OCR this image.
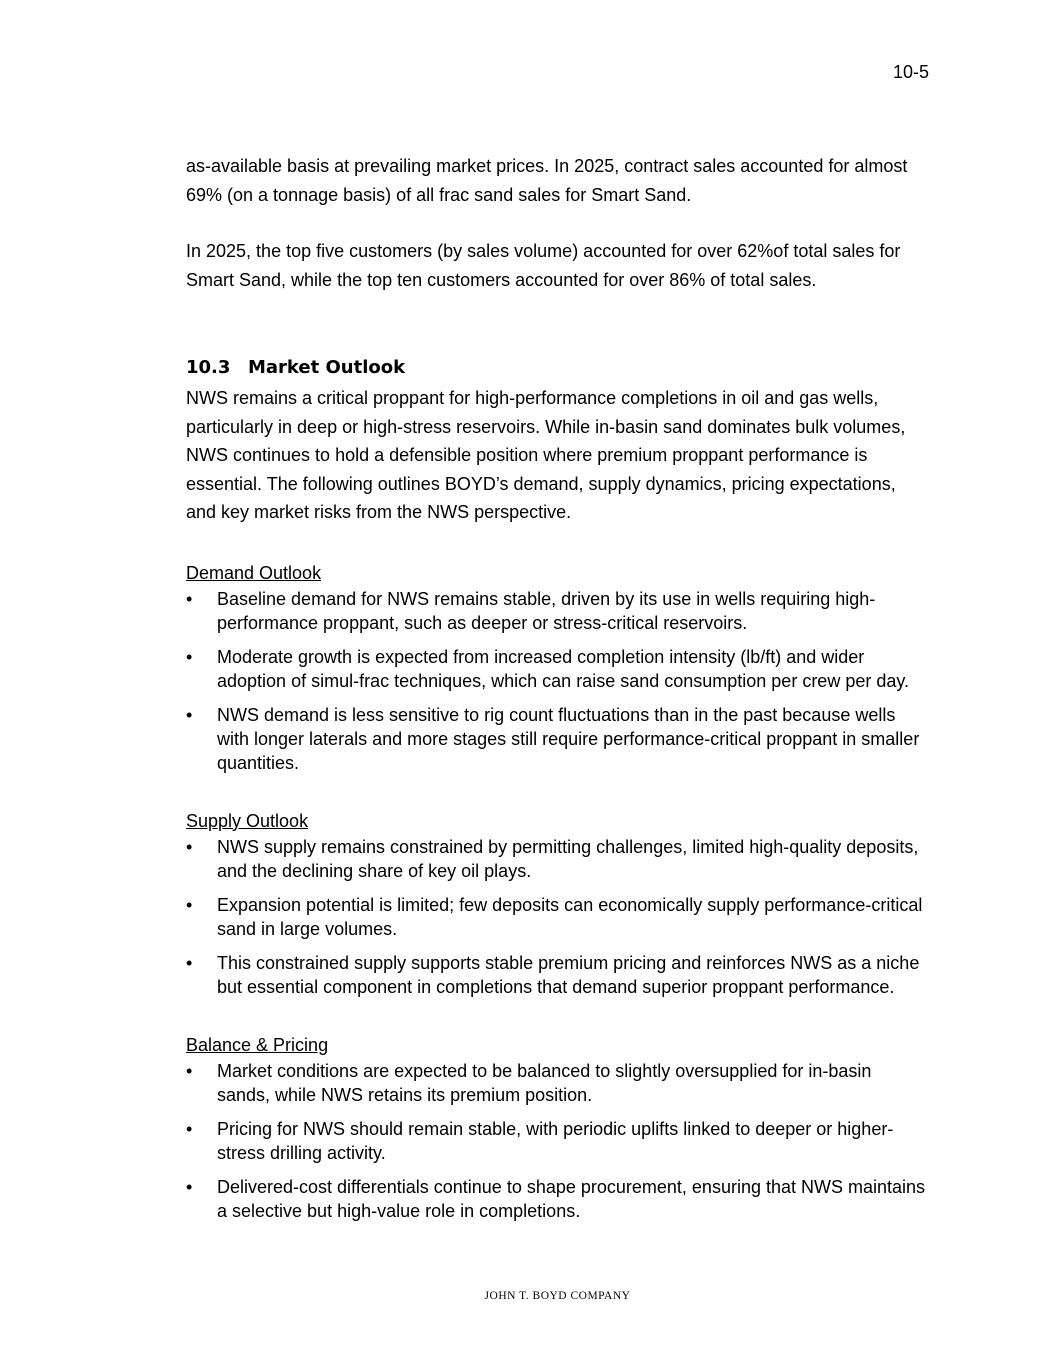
10-5

as-available basis at prevailing market prices. In 2025, contract sales accounted for almost 69% (on a tonnage basis) of all frac sand sales for Smart Sand.

In 2025, the top five customers (by sales volume) accounted for over 62%of total sales for Smart Sand, while the top ten customers accounted for over 86% of total sales.

10.3 Market Outlook

NWS remains a critical proppant for high-performance completions in oil and gas wells, particularly in deep or high-stress reservoirs. While in-basin sand dominates bulk volumes, NWS continues to hold a defensible position where premium proppant performance is essential. The following outlines BOYD’s demand, supply dynamics, pricing expectations, and key market risks from the NWS perspective.

Demand Outlook
• Baseline demand for NWS remains stable, driven by its use in wells requiring high-performance proppant, such as deeper or stress-critical reservoirs.
• Moderate growth is expected from increased completion intensity (lb/ft) and wider adoption of simul-frac techniques, which can raise sand consumption per crew per day.
• NWS demand is less sensitive to rig count fluctuations than in the past because wells with longer laterals and more stages still require performance-critical proppant in smaller quantities.
Supply Outlook
• NWS supply remains constrained by permitting challenges, limited high-quality deposits, and the declining share of key oil plays.
• Expansion potential is limited; few deposits can economically supply performance-critical sand in large volumes.
• This constrained supply supports stable premium pricing and reinforces NWS as a niche but essential component in completions that demand superior proppant performance.
Balance & Pricing
• Market conditions are expected to be balanced to slightly oversupplied for in-basin sands, while NWS retains its premium position.
• Pricing for NWS should remain stable, with periodic uplifts linked to deeper or higher-stress drilling activity.
• Delivered-cost differentials continue to shape procurement, ensuring that NWS maintains a selective but high-value role in completions.
JOHN T. BOYD COMPANY
